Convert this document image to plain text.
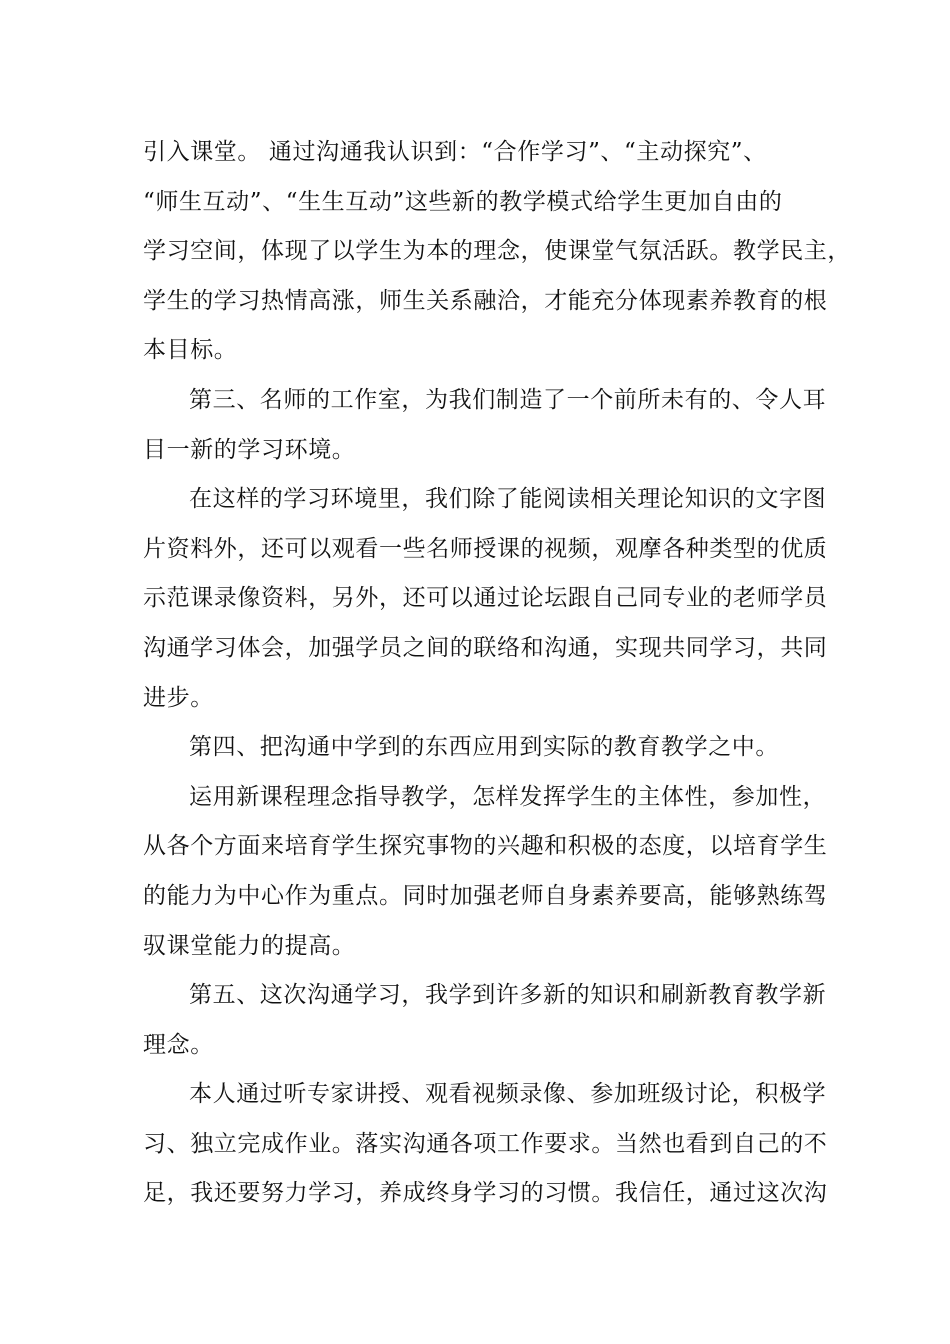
引入课堂。 通过沟通我认识到：“合作学习”、“主动探究”、
“师生互动”、“生生互动”这些新的教学模式给学生更加自由的
学习空间，体现了以学生为本的理念，使课堂气氛活跃。教学民主，
学生的学习热情高涨，师生关系融洽，才能充分体现素养教育的根
本目标。
第三、名师的工作室，为我们制造了一个前所未有的、令人耳
目一新的学习环境。
在这样的学习环境里，我们除了能阅读相关理论知识的文字图
片资料外，还可以观看一些名师授课的视频，观摩各种类型的优质
示范课录像资料，另外，还可以通过论坛跟自己同专业的老师学员
沟通学习体会，加强学员之间的联络和沟通，实现共同学习，共同
进步。
第四、把沟通中学到的东西应用到实际的教育教学之中。
运用新课程理念指导教学，怎样发挥学生的主体性，参加性，
从各个方面来培育学生探究事物的兴趣和积极的态度，以培育学生
的能力为中心作为重点。同时加强老师自身素养要高，能够熟练驾
驭课堂能力的提高。
第五、这次沟通学习，我学到许多新的知识和刷新教育教学新
理念。
本人通过听专家讲授、观看视频录像、参加班级讨论，积极学
习、独立完成作业。落实沟通各项工作要求。当然也看到自己的不
足，我还要努力学习，养成终身学习的习惯。我信任，通过这次沟
